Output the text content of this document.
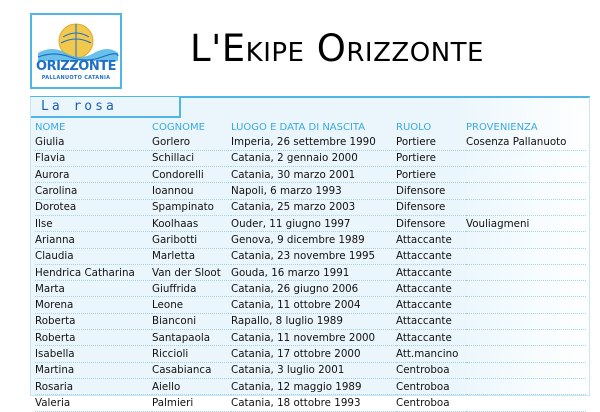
ORIZZONTE
PALLANUOTO CATANIA
L'Ekipe Orizzonte
La rosa
NOME	COGNOME	LUOGO E DATA DI NASCITA	RUOLO	PROVENIENZA
Giulia	Gorlero	Imperia, 26 settembre 1990	Portiere	Cosenza Pallanuoto
Flavia	Schillaci	Catania, 2 gennaio 2000	Portiere	
Aurora	Condorelli	Catania, 30 marzo 2001	Portiere	
Carolina	Ioannou	Napoli, 6 marzo 1993	Difensore	
Dorotea	Spampinato	Catania, 25 marzo 2003	Difensore	
Ilse	Koolhaas	Ouder, 11 giugno 1997	Difensore	Vouliagmeni
Arianna	Garibotti	Genova, 9 dicembre 1989	Attaccante	
Claudia	Marletta	Catania, 23 novembre 1995	Attaccante	
Hendrica Catharina	Van der Sloot	Gouda, 16 marzo 1991	Attaccante	
Marta	Giuffrida	Catania, 26 giugno 2006	Attaccante	
Morena	Leone	Catania, 11 ottobre 2004	Attaccante	
Roberta	Bianconi	Rapallo, 8 luglio 1989	Attaccante	
Roberta	Santapaola	Catania, 11 novembre 2000	Attaccante	
Isabella	Riccioli	Catania, 17 ottobre 2000	Att.mancino	
Martina	Casabianca	Catania, 3 luglio 2001	Centroboa	
Rosaria	Aiello	Catania, 12 maggio 1989	Centroboa	
Valeria	Palmieri	Catania, 18 ottobre 1993	Centroboa	
